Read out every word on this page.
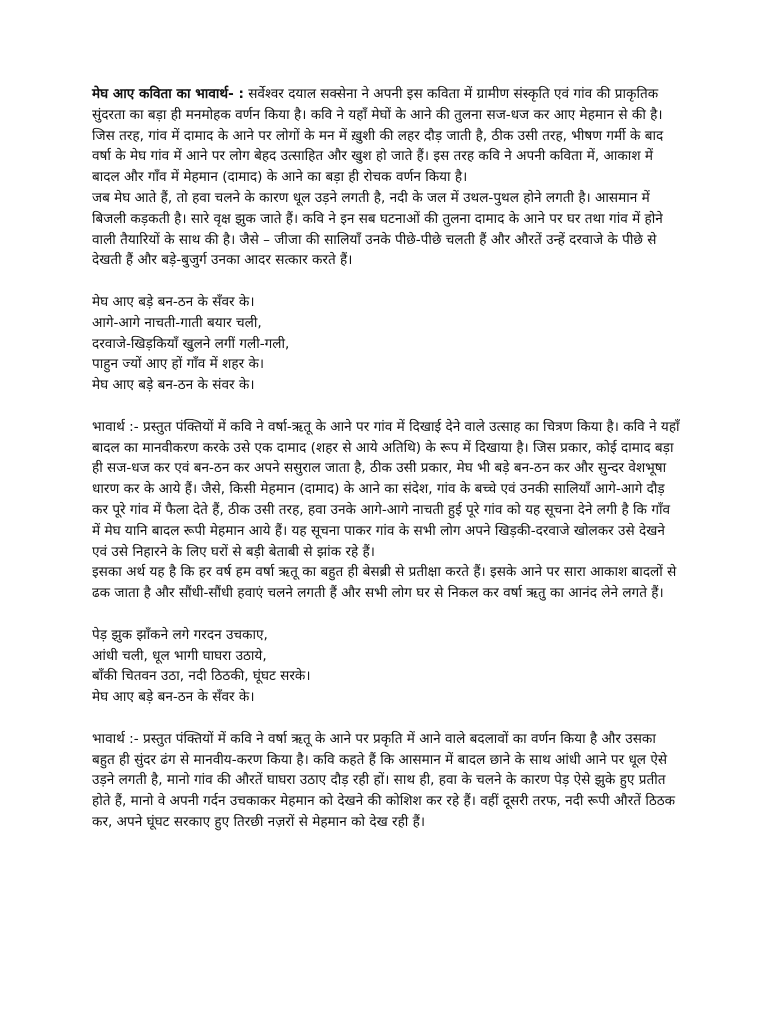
मेघ आए कविता का भावार्थ- : सर्वेश्वर दयाल सक्सेना ने अपनी इस कविता में ग्रामीण संस्कृति एवं गांव की प्राकृतिक सुंदरता का बड़ा ही मनमोहक वर्णन किया है। कवि ने यहाँ मेघों के आने की तुलना सज-धज कर आए मेहमान से की है। जिस तरह, गांव में दामाद के आने पर लोगों के मन में ख़ुशी की लहर दौड़ जाती है, ठीक उसी तरह, भीषण गर्मी के बाद वर्षा के मेघ गांव में आने पर लोग बेहद उत्साहित और खुश हो जाते हैं। इस तरह कवि ने अपनी कविता में, आकाश में बादल और गाँव में मेहमान (दामाद) के आने का बड़ा ही रोचक वर्णन किया है।

जब मेघ आते हैं, तो हवा चलने के कारण धूल उड़ने लगती है, नदी के जल में उथल-पुथल होने लगती है। आसमान में बिजली कड़कती है। सारे वृक्ष झुक जाते हैं। कवि ने इन सब घटनाओं की तुलना दामाद के आने पर घर तथा गांव में होने वाली तैयारियों के साथ की है। जैसे – जीजा की सालियाँ उनके पीछे-पीछे चलती हैं और औरतें उन्हें दरवाजे के पीछे से देखती हैं और बड़े-बुजुर्ग उनका आदर सत्कार करते हैं।

मेघ आए बड़े बन-ठन के सँवर के।
आगे-आगे नाचती-गाती बयार चली,
दरवाजे-खिड़कियाँ खुलने लगीं गली-गली,
पाहुन ज्यों आए हों गाँव में शहर के।
मेघ आए बड़े बन-ठन के संवर के।

भावार्थ :- प्रस्तुत पंक्तियों में कवि ने वर्षा-ऋतू के आने पर गांव में दिखाई देने वाले उत्साह का चित्रण किया है। कवि ने यहाँ बादल का मानवीकरण करके उसे एक दामाद (शहर से आये अतिथि) के रूप में दिखाया है। जिस प्रकार, कोई दामाद बड़ा ही सज-धज कर एवं बन-ठन कर अपने ससुराल जाता है, ठीक उसी प्रकार, मेघ भी बड़े बन-ठन कर और सुन्दर वेशभूषा धारण कर के आये हैं। जैसे, किसी मेहमान (दामाद) के आने का संदेश, गांव के बच्चे एवं उनकी सालियाँ आगे-आगे दौड़ कर पूरे गांव में फैला देते हैं, ठीक उसी तरह, हवा उनके आगे-आगे नाचती हुई पूरे गांव को यह सूचना देने लगी है कि गाँव में मेघ यानि बादल रूपी मेहमान आये हैं। यह सूचना पाकर गांव के सभी लोग अपने खिड़की-दरवाजे खोलकर उसे देखने एवं उसे निहारने के लिए घरों से बड़ी बेताबी से झांक रहे हैं।

इसका अर्थ यह है कि हर वर्ष हम वर्षा ऋतू का बहुत ही बेसब्री से प्रतीक्षा करते हैं। इसके आने पर सारा आकाश बादलों से ढक जाता है और सौंधी-सौंधी हवाएं चलने लगती हैं और सभी लोग घर से निकल कर वर्षा ऋतु का आनंद लेने लगते हैं।

पेड़ झुक झाँकने लगे गरदन उचकाए,
आंधी चली, धूल भागी घाघरा उठाये,
बाँकी चितवन उठा, नदी ठिठकी, घूंघट सरके।
मेघ आए बड़े बन-ठन के सँवर के।

भावार्थ :- प्रस्तुत पंक्तियों में कवि ने वर्षा ऋतू के आने पर प्रकृति में आने वाले बदलावों का वर्णन किया है और उसका बहुत ही सुंदर ढंग से मानवीय-करण किया है। कवि कहते हैं कि आसमान में बादल छाने के साथ आंधी आने पर धूल ऐसे उड़ने लगती है, मानो गांव की औरतें घाघरा उठाए दौड़ रही हों। साथ ही, हवा के चलने के कारण पेड़ ऐसे झुके हुए प्रतीत होते हैं, मानो वे अपनी गर्दन उचकाकर मेहमान को देखने की कोशिश कर रहे हैं। वहीं दूसरी तरफ, नदी रूपी औरतें ठिठक कर, अपने घूंघट सरकाए हुए तिरछी नज़रों से मेहमान को देख रही हैं।
